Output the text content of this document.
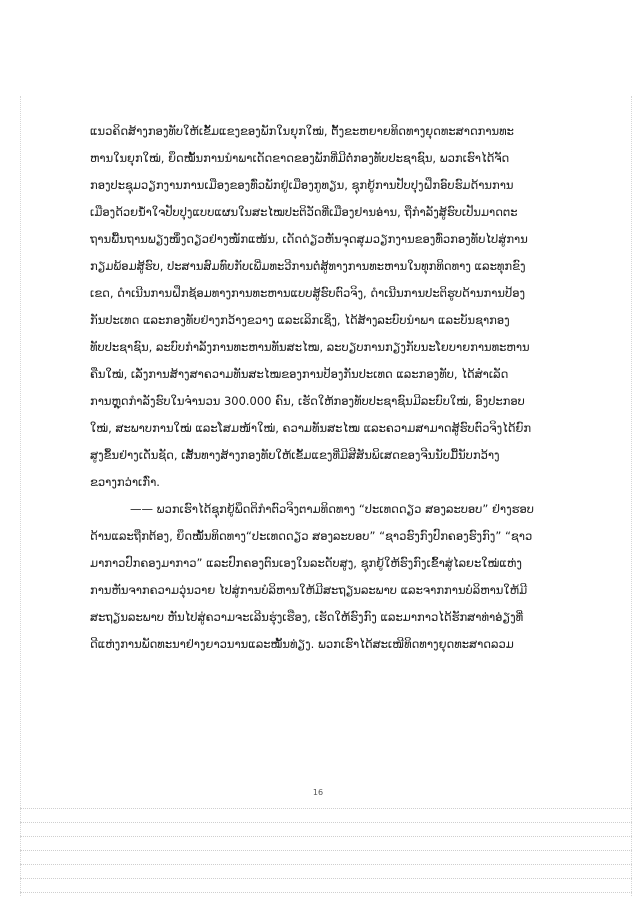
ແນວຄິດສ້າງກອງທັບໃຫ້ເຂັ້ມແຂງຂອງພັກໃນຍຸກໃໝ່, ຕັ້ງຂະຫຍາຍທິດທາງຍຸດທະສາດການທະ
ຫານໃນຍຸກໃໝ່, ຍຶດໝັ້ນການນຳພາເດັດຂາດຂອງພັກທີ່ມີຕໍ່ກອງທັບປະຊາຊົນ, ພວກເຮົາໄດ້ຈັດ
ກອງປະຊຸມວຽກງານການເມືອງຂອງທົ່ວພັກຢູ່ເມືອງກູທຽນ, ຊຸກຍູ້ການປັບປຸງຝຶກອົບຮົມດ້ານການ
ເມືອງດ້ວຍນ້ຳໃຈປັບປຸງແບບແຜນໃນສະໄໝປະຕິວັດທີ່ເມືອງຢານອ່ານ, ຖືກຳລັງສູ້ຮົບເປັນມາດຕະ
ຖານພື້ນຖານພຽງໜຶ່ງດຽວຢ່າງໜັກແໜ້ນ, ເດັດດ່ຽວຫັນຈຸດສຸມວຽກງານຂອງທົ່ວກອງທັບໄປສູ່ການ
ກຽມພ້ອມສູ້ຮົບ, ປະສານສົມທົບກັບເພີ່ມທະວີການຕໍ່ສູ້ທາງການທະຫານໃນທຸກທິດທາງ ແລະທຸກຂົງ
ເຂດ, ດຳເນີນການຝຶກຊ້ອມທາງການທະຫານແບບສູ້ຮົບຕົວຈິງ, ດຳເນີນການປະຕິຮູບດ້ານການປ້ອງ
ກັນປະເທດ ແລະກອງທັບຢ່າງກວ້າງຂວາງ ແລະເລິກເຊິ່ງ, ໄດ້ສ້າງລະບົບນຳພາ ແລະບັນຊາກອງ
ທັບປະຊາຊົນ, ລະບົບກຳລັງການທະຫານທັນສະໄໝ, ລະບຽບການກຽງກັບນະໂຍບາຍການທະຫານ
ຄືນໃໝ່, ເລັ່ງການສ້າງສາຄວາມທັນສະໄໝຂອງການປ້ອງກັນປະເທດ ແລະກອງທັບ, ໄດ້ສຳເລັດ
ການຫຼຸດກຳລັງຮົບໃນຈຳນວນ 300.000 ຄົນ, ເຮັດໃຫ້ກອງທັບປະຊາຊົນມີລະບົບໃໝ່, ອົງປະກອບ
ໃໝ່, ສະພາບການໃໝ່ ແລະໂສມໜ້າໃໝ່, ຄວາມທັນສະໄໝ ແລະຄວາມສາມາດສູ້ຮົບຕົວຈິງໄດ້ຍົກ
ສູງຂຶ້ນຢ່າງເດັ່ນຊັດ, ເສັ້ນທາງສ້າງກອງທັບໃຫ້ເຂັ້ມແຂງທີ່ມີສີສັນພິເສດຂອງຈີນນັບມື້ນັບກວ້າງ
ຂວາງກວ່າເກົ່າ.
—— ພວກເຮົາໄດ້ຊຸກຍູ້ພຶດຕິກຳຕົວຈິງຕາມທິດທາງ “ປະເທດດຽວ ສອງລະບອບ” ຢ່າງຮອບ
ດ້ານແລະຖືກຕ້ອງ, ຍຶດໝັ້ນທິດທາງ“ປະເທດດຽວ ສອງລະບອບ” “ຊາວຮົງກົງປົກຄອງຮົງກົງ” “ຊາວ
ມາກາວປົກຄອງມາກາວ” ແລະປົກຄອງຕົນເອງໃນລະດັບສູງ, ຊຸກຍູ້ໃຫ້ຮົງກົງເຂົ້າສູ່ໄລຍະໃໝ່ແຫ່ງ
ການຫັນຈາກຄວາມວຸ່ນວາຍ ໄປສູ່ການບໍລິຫານໃຫ້ມີສະຖຽນລະພາບ ແລະຈາກການບໍລິຫານໃຫ້ມີ
ສະຖຽນລະພາບ ຫັນໄປສູ່ຄວາມຈະເລີນຮຸ່ງເຮືອງ, ເຮັດໃຫ້ຮົງກົງ ແລະມາກາວໄດ້ຮັກສາທ່າອ່ຽງທີ່
ດີແຫ່ງການພັດທະນາຢ່າງຍາວນານແລະໝັ້ນທ່ຽງ. ພວກເຮົາໄດ້ສະເໜີທິດທາງຍຸດທະສາດລວມ
16
